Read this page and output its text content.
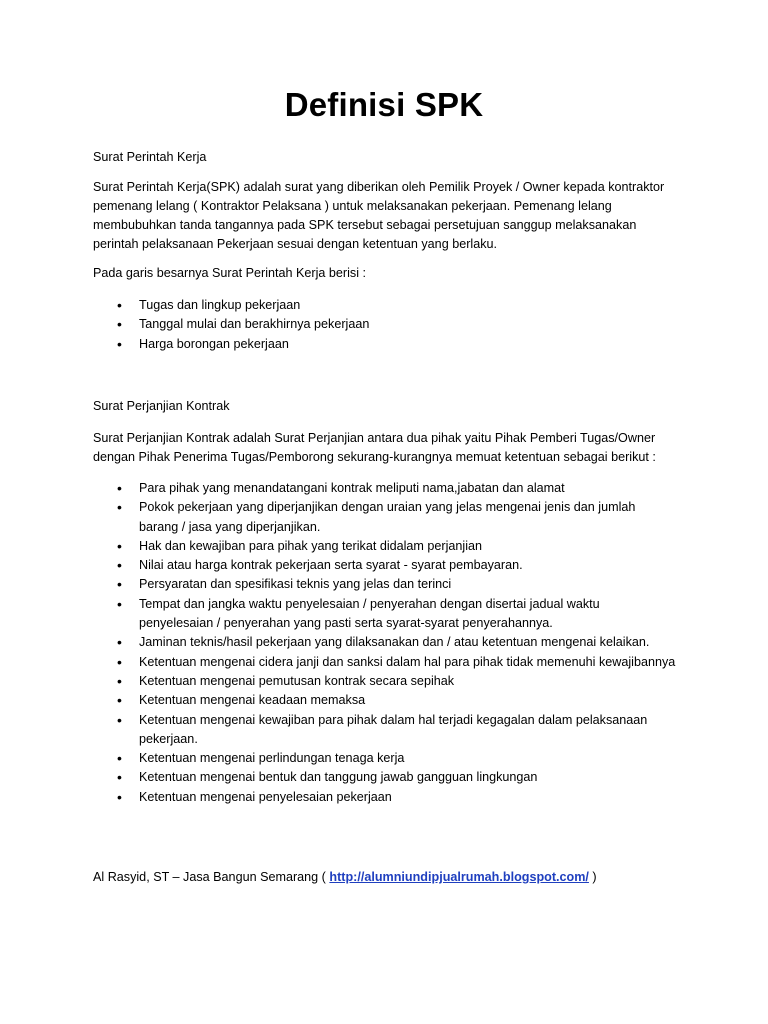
Definisi SPK

Surat Perintah Kerja

Surat Perintah Kerja(SPK) adalah surat yang diberikan oleh Pemilik Proyek / Owner kepada kontraktor pemenang lelang ( Kontraktor Pelaksana ) untuk melaksanakan pekerjaan. Pemenang lelang membubuhkan tanda tangannya pada SPK tersebut sebagai persetujuan sanggup melaksanakan perintah pelaksanaan Pekerjaan sesuai dengan ketentuan yang berlaku.

Pada garis besarnya Surat Perintah Kerja berisi :

• Tugas dan lingkup pekerjaan
• Tanggal mulai dan berakhirnya pekerjaan
• Harga borongan pekerjaan

Surat Perjanjian Kontrak

Surat Perjanjian Kontrak adalah Surat Perjanjian antara dua pihak yaitu Pihak Pemberi Tugas/Owner dengan Pihak Penerima Tugas/Pemborong sekurang-kurangnya memuat ketentuan sebagai berikut :

• Para pihak yang menandatangani kontrak meliputi nama,jabatan dan alamat
• Pokok pekerjaan yang diperjanjikan dengan uraian yang jelas mengenai jenis dan jumlah barang / jasa yang diperjanjikan.
• Hak dan kewajiban para pihak yang terikat didalam perjanjian
• Nilai atau harga kontrak pekerjaan serta syarat - syarat pembayaran.
• Persyaratan dan spesifikasi teknis yang jelas dan terinci
• Tempat dan jangka waktu penyelesaian / penyerahan dengan disertai jadual waktu penyelesaian / penyerahan yang pasti serta syarat-syarat penyerahannya.
• Jaminan teknis/hasil pekerjaan yang dilaksanakan dan / atau ketentuan mengenai kelaikan.
• Ketentuan mengenai cidera janji dan sanksi dalam hal para pihak tidak memenuhi kewajibannya
• Ketentuan mengenai pemutusan kontrak secara sepihak
• Ketentuan mengenai keadaan memaksa
• Ketentuan mengenai kewajiban para pihak dalam hal terjadi kegagalan dalam pelaksanaan pekerjaan.
• Ketentuan mengenai perlindungan tenaga kerja
• Ketentuan mengenai bentuk dan tanggung jawab gangguan lingkungan
• Ketentuan mengenai penyelesaian pekerjaan

Al Rasyid, ST – Jasa Bangun Semarang ( http://alumniundipjualrumah.blogspot.com/ )
